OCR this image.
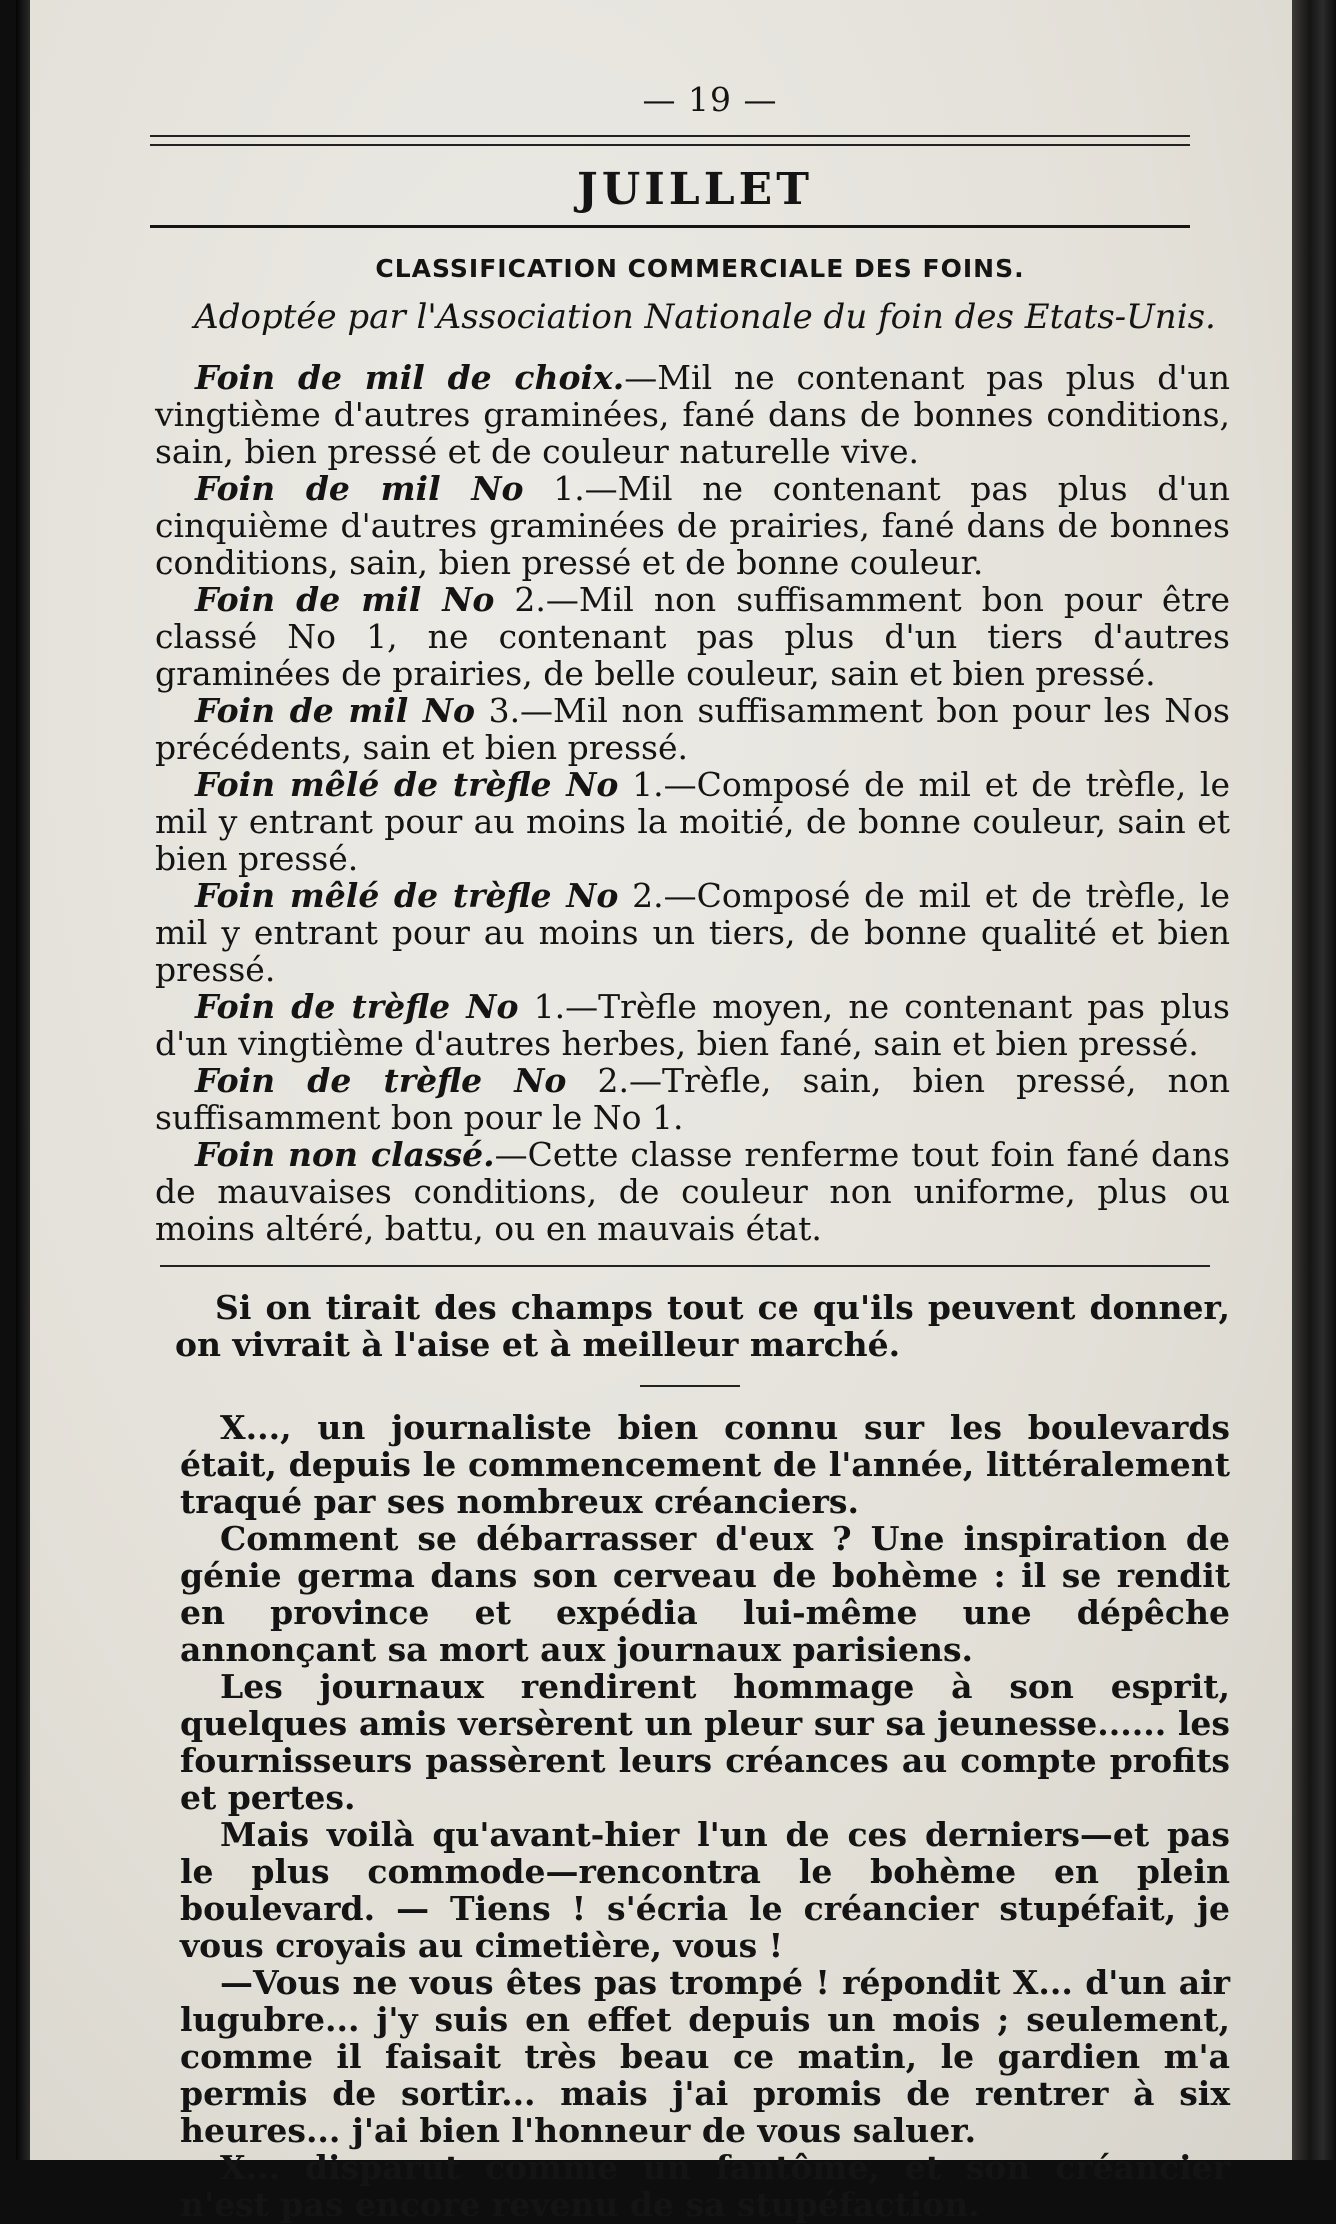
— 19 —
JUILLET
CLASSIFICATION COMMERCIALE DES FOINS.
Adoptée par l'Association Nationale du foin des Etats-Unis.

Foin de mil de choix.—Mil ne contenant pas plus d'un vingtième d'autres graminées, fané dans de bonnes conditions, sain, bien pressé et de couleur naturelle vive.

Foin de mil No 1.—Mil ne contenant pas plus d'un cinquième d'autres graminées de prairies, fané dans de bonnes conditions, sain, bien pressé et de bonne couleur.

Foin de mil No 2.—Mil non suffisamment bon pour être classé No 1, ne contenant pas plus d'un tiers d'autres graminées de prairies, de belle couleur, sain et bien pressé.

Foin de mil No 3.—Mil non suffisamment bon pour les Nos précédents, sain et bien pressé.

Foin mêlé de trèfle No 1.—Composé de mil et de trèfle, le mil y entrant pour au moins la moitié, de bonne couleur, sain et bien pressé.

Foin mêlé de trèfle No 2.—Composé de mil et de trèfle, le mil y entrant pour au moins un tiers, de bonne qualité et bien pressé.

Foin de trèfle No 1.—Trèfle moyen, ne contenant pas plus d'un vingtième d'autres herbes, bien fané, sain et bien pressé.

Foin de trèfle No 2.—Trèfle, sain, bien pressé, non suffisamment bon pour le No 1.

Foin non classé.—Cette classe renferme tout foin fané dans de mauvaises conditions, de couleur non uniforme, plus ou moins altéré, battu, ou en mauvais état.

Si on tirait des champs tout ce qu'ils peuvent donner, on vivrait à l'aise et à meilleur marché.

X..., un journaliste bien connu sur les boulevards était, depuis le commencement de l'année, littéralement traqué par ses nombreux créanciers.

Comment se débarrasser d'eux ? Une inspiration de génie germa dans son cerveau de bohème : il se rendit en province et expédia lui-même une dépêche annonçant sa mort aux journaux parisiens.

Les journaux rendirent hommage à son esprit, quelques amis versèrent un pleur sur sa jeunesse...... les fournisseurs passèrent leurs créances au compte profits et pertes.

Mais voilà qu'avant-hier l'un de ces derniers—et pas le plus commode—rencontra le bohème en plein boulevard. — Tiens ! s'écria le créancier stupéfait, je vous croyais au cimetière, vous !

—Vous ne vous êtes pas trompé ! répondit X... d'un air lugubre... j'y suis en effet depuis un mois ; seulement, comme il faisait très beau ce matin, le gardien m'a permis de sortir... mais j'ai promis de rentrer à six heures... j'ai bien l'honneur de vous saluer.

X... disparut comme un fantôme, et son créancier n'est pas encore revenu de sa stupéfaction.
